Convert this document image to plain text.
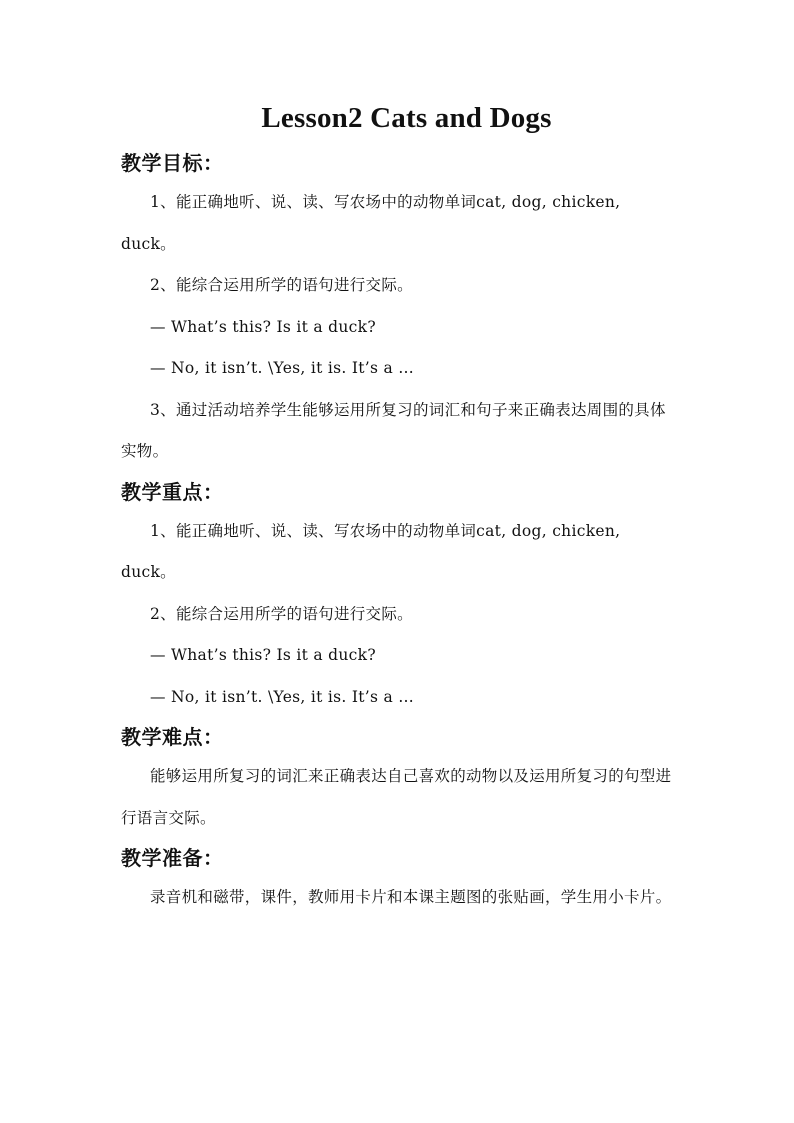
Lesson2 Cats and Dogs
教学目标：

1、能正确地听、说、读、写农场中的动物单词cat, dog, chicken, duck。

2、能综合运用所学的语句进行交际。

— What’s this? Is it a duck?

— No, it isn’t. \Yes, it is. It’s a …

3、通过活动培养学生能够运用所复习的词汇和句子来正确表达周围的具体实物。

教学重点：

1、能正确地听、说、读、写农场中的动物单词cat, dog, chicken, duck。

2、能综合运用所学的语句进行交际。

— What’s this? Is it a duck?

— No, it isn’t. \Yes, it is. It’s a …

教学难点：

能够运用所复习的词汇来正确表达自己喜欢的动物以及运用所复习的句型进行语言交际。

教学准备：

录音机和磁带，课件，教师用卡片和本课主题图的张贴画，学生用小卡片。
